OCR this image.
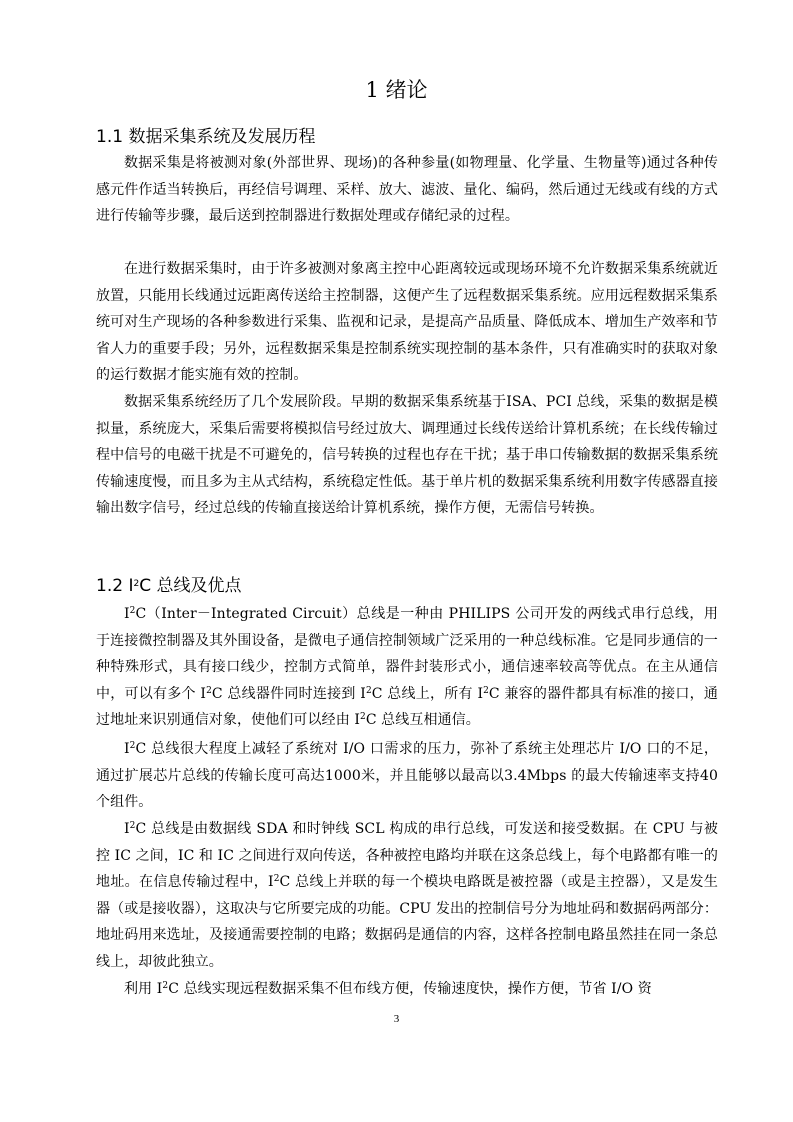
1 绪论
1.1 数据采集系统及发展历程

数据采集是将被测对象(外部世界、现场)的各种参量(如物理量、化学量、生物量等)通过各种传感元件作适当转换后，再经信号调理、采样、放大、滤波、量化、编码，然后通过无线或有线的方式进行传输等步骤，最后送到控制器进行数据处理或存储纪录的过程。

在进行数据采集时，由于许多被测对象离主控中心距离较远或现场环境不允许数据采集系统就近放置，只能用长线通过远距离传送给主控制器，这便产生了远程数据采集系统。应用远程数据采集系统可对生产现场的各种参数进行采集、监视和记录，是提高产品质量、降低成本、增加生产效率和节省人力的重要手段；另外，远程数据采集是控制系统实现控制的基本条件，只有准确实时的获取对象的运行数据才能实施有效的控制。

数据采集系统经历了几个发展阶段。早期的数据采集系统基于ISA、PCI 总线，采集的数据是模拟量，系统庞大，采集后需要将模拟信号经过放大、调理通过长线传送给计算机系统；在长线传输过程中信号的电磁干扰是不可避免的，信号转换的过程也存在干扰；基于串口传输数据的数据采集系统传输速度慢，而且多为主从式结构，系统稳定性低。基于单片机的数据采集系统利用数字传感器直接输出数字信号，经过总线的传输直接送给计算机系统，操作方便，无需信号转换。

1.2 $I^2C$ 总线及优点

$I^2C(Inter-Integrated$ Circuit）总线是一种由 PHILIPS 公司开发的两线式串行总线，用于连接微控制器及其外围设备，是微电子通信控制领域广泛采用的一种总线标准。它是同步通信的一种特殊形式，具有接口线少，控制方式简单，器件封装形式小，通信速率较高等优点。在主从通信中，可以有多个 $I^2C$ 总线器件同时连接到 $I^2C$ 总线上，所有 $I^2C$ 兼容的器件都具有标准的接口，通过地址来识别通信对象，使他们可以经由 $I^2C$ 总线互相通信。

$I^2C$ 总线很大程度上减轻了系统对 I/O 口需求的压力，弥补了系统主处理芯片 I/O 口的不足，通过扩展芯片总线的传输长度可高达1000米，并且能够以最高以3.4Mbps 的最大传输速率支持40个组件。

$I^2C$ 总线是由数据线 SDA 和时钟线 SCL 构成的串行总线，可发送和接受数据。在 CPU 与被控 IC 之间，IC 和 IC 之间进行双向传送，各种被控电路均并联在这条总线上，每个电路都有唯一的地址。在信息传输过程中，$I^2C$ 总线上并联的每一个模块电路既是被控器（或是主控器），又是发生器（或是接收器），这取决与它所要完成的功能。CPU 发出的控制信号分为地址码和数据码两部分：地址码用来选址，及接通需要控制的电路；数据码是通信的内容，这样各控制电路虽然挂在同一条总线上，却彼此独立。

利用 $I^2C$ 总线实现远程数据采集不但布线方便，传输速度快，操作方便，节省 I/O 资

3
